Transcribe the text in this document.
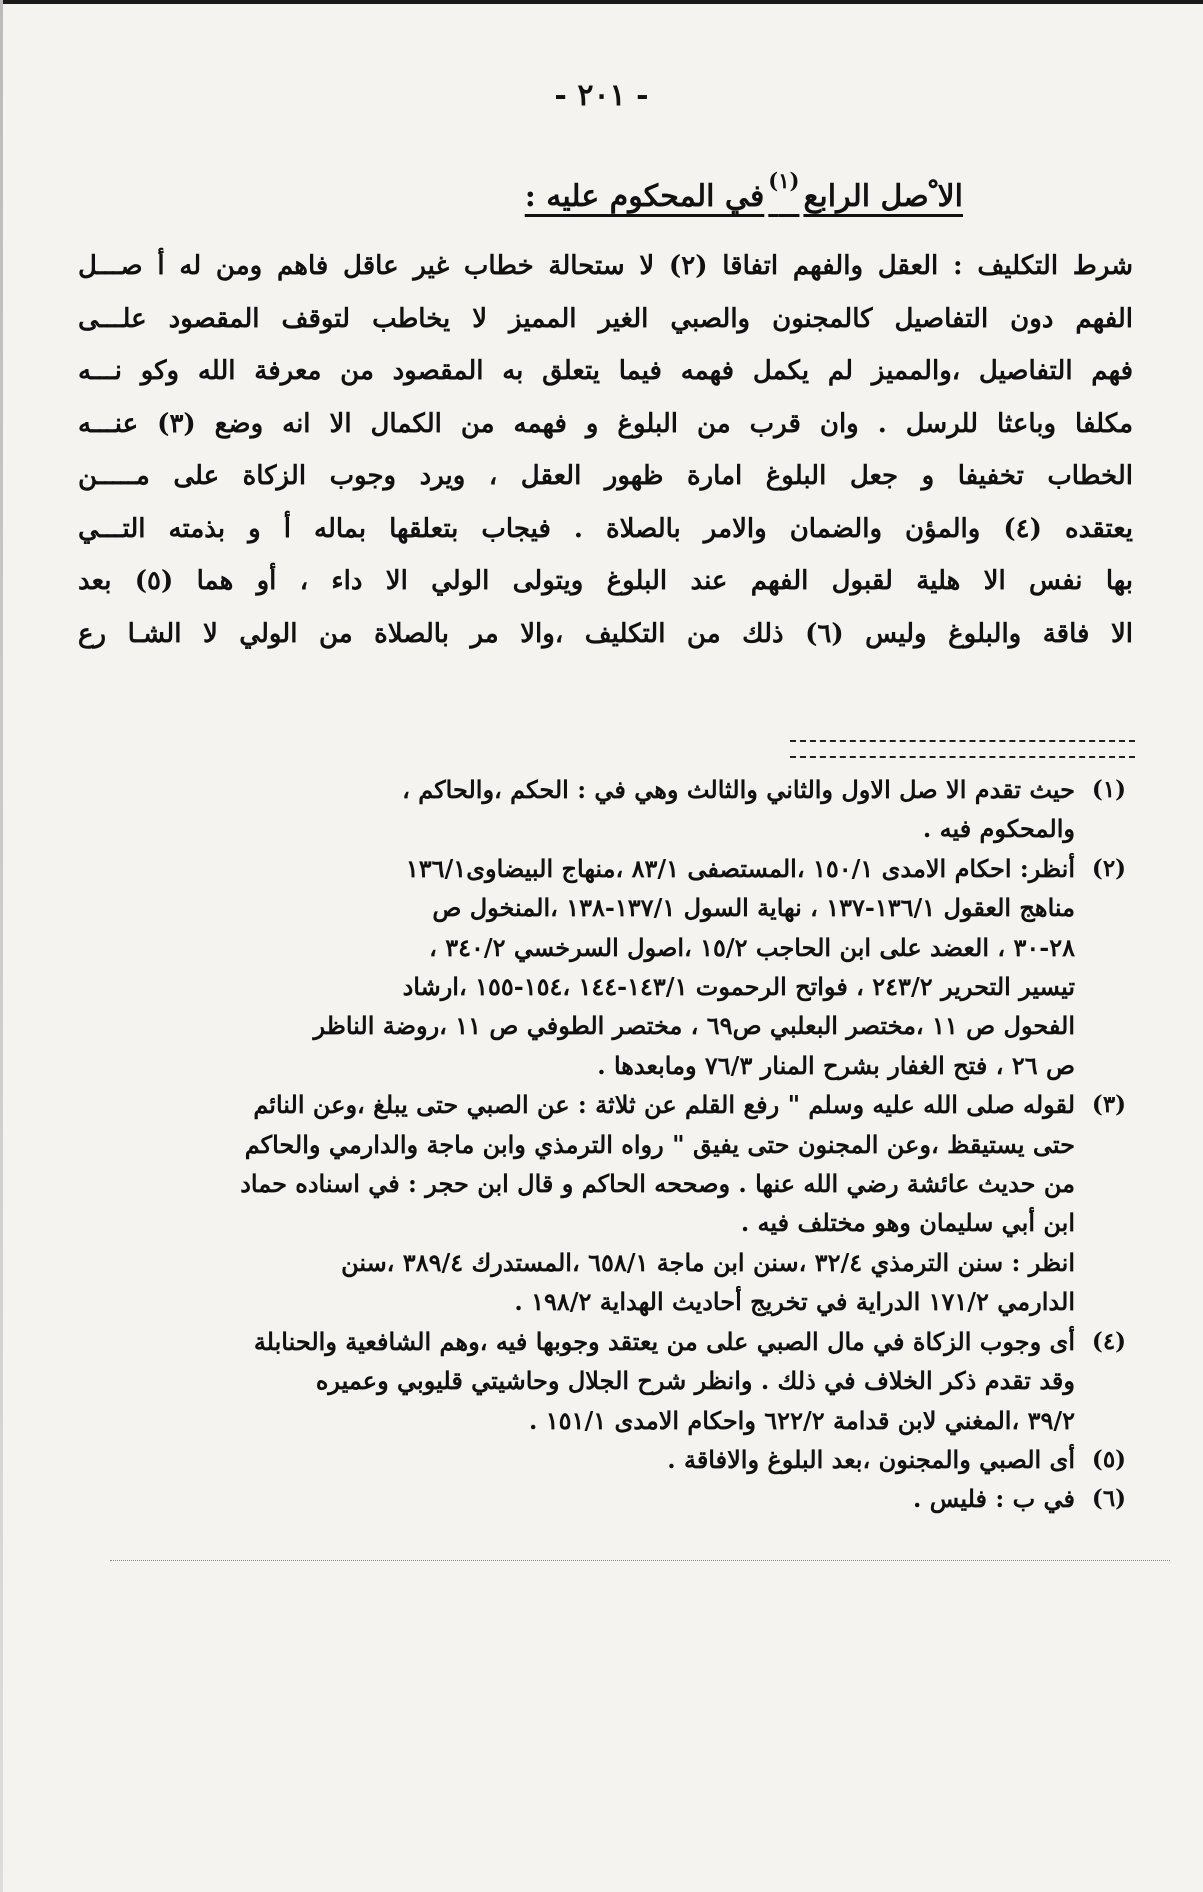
- ٢٠١ -
الا ْصل الرابع$^{(١)}$في المحكوم عليه :
شرط التكليف : العقل والفهم اتفاقا (٢) لا ستحالة خطاب غير عاقل فاهم ومن له أ صـــل
الفهم دون التفاصيل كالمجنون والصبي الغير المميز لا يخاطب لتوقف المقصود علـــى
فهم التفاصيل ،والمميز لم يكمل فهمه فيما يتعلق به المقصود من معرفة الله وكو نـــه
مكلفا وباعثا للرسل . وان قرب من البلوغ و فهمه من الكمال الا انه وضع (٣) عنـــه
الخطاب تخفيفا و جعل البلوغ امارة ظهور العقل ، ويرد وجوب الزكاة على مـــــن
يعتقده (٤) والمؤن والضمان والامر بالصلاة . فيجاب بتعلقها بماله أ و بذمته التـــي
بها نفس الا هلية لقبول الفهم عند البلوغ ويتولى الولي الا داء ، أو هما (٥) بعد
الا فاقة والبلوغ وليس (٦) ذلك من التكليف ،والا مر بالصلاة من الولي لا الشـا رع
(١)
حيث تقدم الا صل الاول والثاني والثالث وهي في : الحكم ،والحاكم ،
والمحكوم فيه .
(٢)
أنظر: احكام الامدى ١٥٠/١ ،المستصفى ٨٣/١ ،منهاج البيضاوى١٣٦/١
مناهج العقول ١٣٦/١-١٣٧ ، نهاية السول ١٣٧/١-١٣٨ ،المنخول ص
٢٨-٣٠ ، العضد على ابن الحاجب ١٥/٢ ،اصول السرخسي ٣٤٠/٢ ،
تيسير التحرير ٢٤٣/٢ ، فواتح الرحموت ١٤٣/١-١٤٤ ،١٥٤-١٥٥ ،ارشاد
الفحول ص ١١ ،مختصر البعلبي ص٦٩ ، مختصر الطوفي ص ١١ ،روضة الناظر
ص ٢٦ ، فتح الغفار بشرح المنار ٧٦/٣ ومابعدها .
(٣)
لقوله صلى الله عليه وسلم " رفع القلم عن ثلاثة : عن الصبي حتى يبلغ ،وعن النائم
حتى يستيقظ ،وعن المجنون حتى يفيق " رواه الترمذي وابن ماجة والدارمي والحاكم
من حديث عائشة رضي الله عنها . وصححه الحاكم و قال ابن حجر : في اسناده حماد
ابن أبي سليمان وهو مختلف فيه .
انظر : سنن الترمذي ٣٢/٤ ،سنن ابن ماجة ٦٥٨/١ ،المستدرك ٣٨٩/٤ ،سنن
الدارمي ١٧١/٢ الدراية في تخريج أحاديث الهداية ١٩٨/٢ .
(٤)
أى وجوب الزكاة في مال الصبي على من يعتقد وجوبها فيه ،وهم الشافعية والحنابلة
وقد تقدم ذكر الخلاف في ذلك . وانظر شرح الجلال وحاشيتي قليوبي وعميره
٣٩/٢ ،المغني لابن قدامة ٦٢٢/٢ واحكام الامدى ١٥١/١ .
(٥)
أى الصبي والمجنون ،بعد البلوغ والافاقة .
(٦)
في ب : فليس .
